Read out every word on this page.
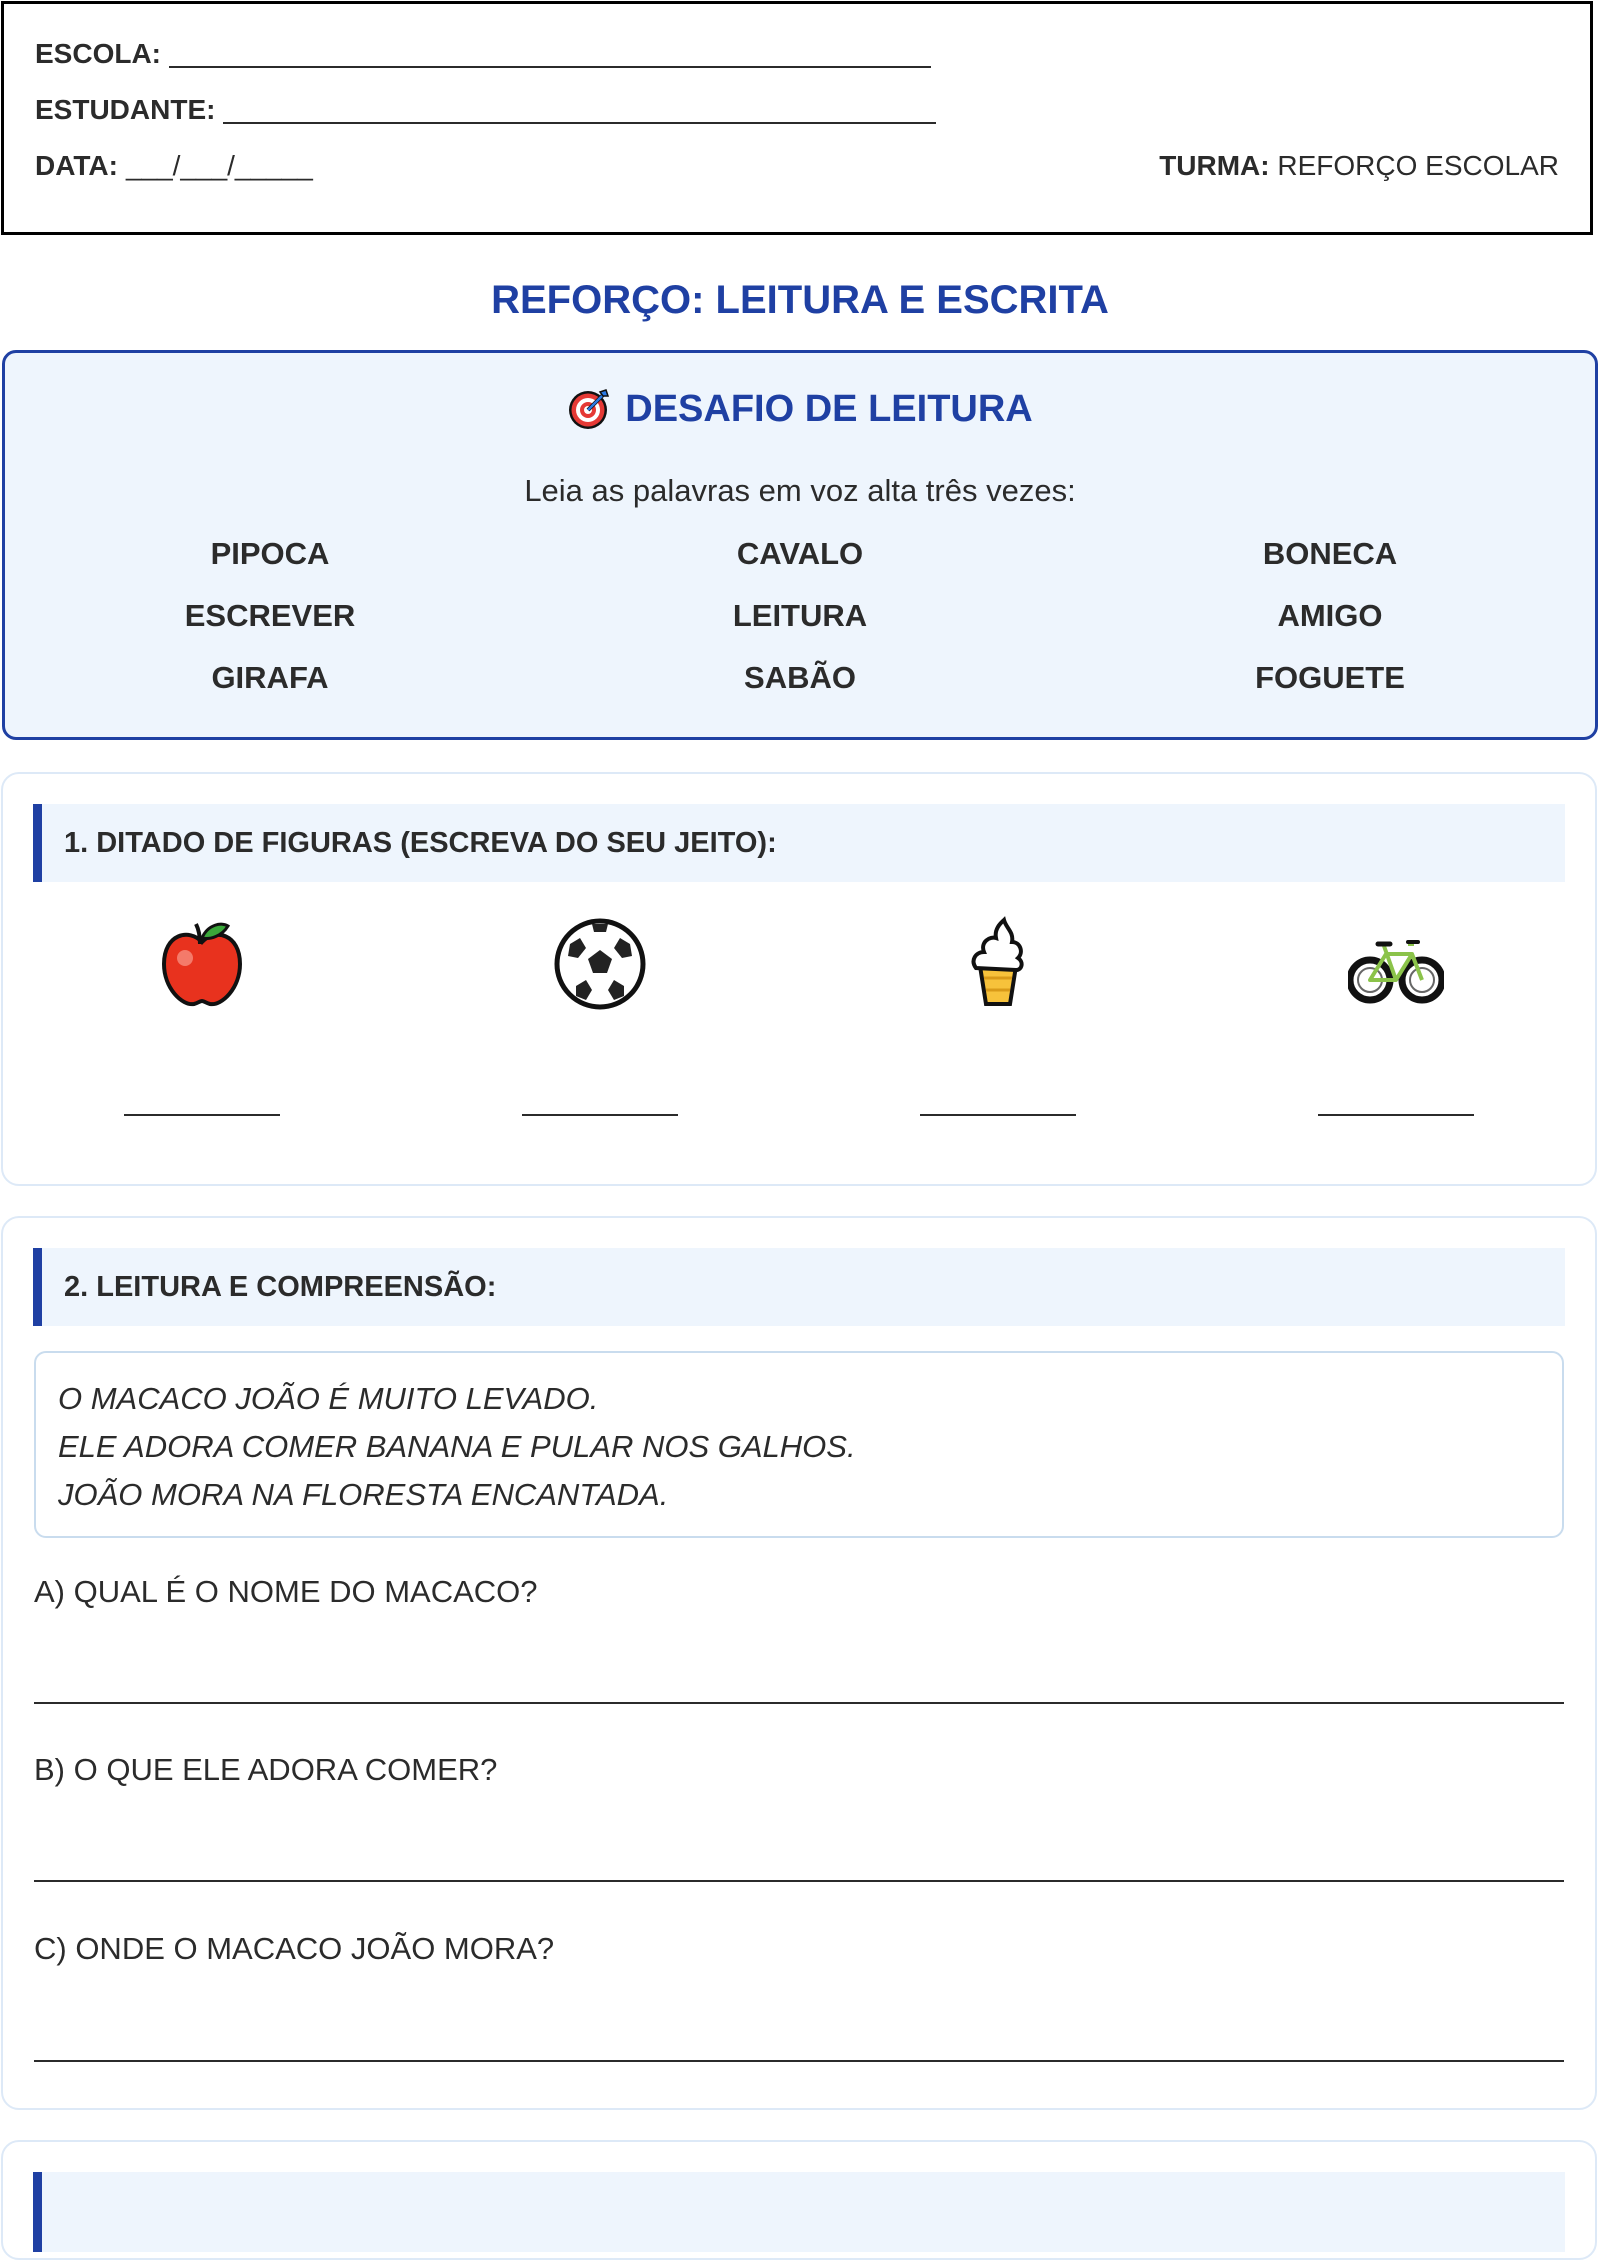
ESCOLA:
ESTUDANTE:
DATA: ___/___/_____	TURMA: REFORÇO ESCOLAR
REFORÇO: LEITURA E ESCRITA
DESAFIO DE LEITURA
Leia as palavras em voz alta três vezes:
PIPOCA	CAVALO	BONECA
ESCREVER	LEITURA	AMIGO
GIRAFA	SABÃO	FOGUETE
1. DITADO DE FIGURAS (ESCREVA DO SEU JEITO):
2. LEITURA E COMPREENSÃO:
O MACACO JOÃO É MUITO LEVADO.
ELE ADORA COMER BANANA E PULAR NOS GALHOS.
JOÃO MORA NA FLORESTA ENCANTADA.
A) QUAL É O NOME DO MACACO?
B) O QUE ELE ADORA COMER?
C) ONDE O MACACO JOÃO MORA?
